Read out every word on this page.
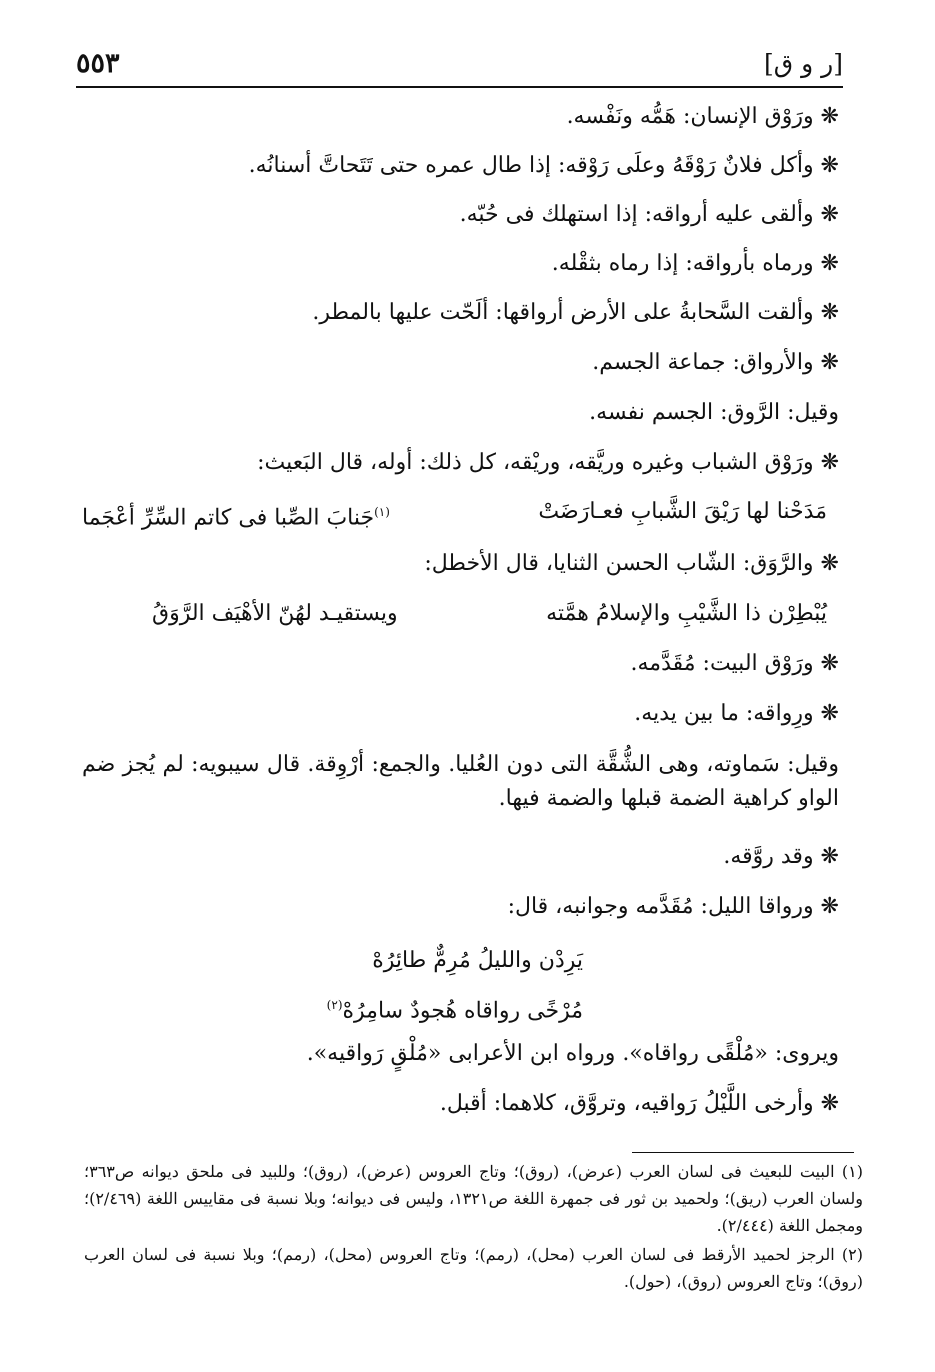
[ر و ق]
٥٥٣
❋ ورَوْق الإنسان: هَمُّه ونَفْسه.
❋ وأكل فلانٌ رَوْقَهُ وعلَى رَوْقه: إذا طال عمره حتى تَتَحاتَّ أسنانُه.
❋ وألقى عليه أرواقه: إذا استهلك فى حُبّه.
❋ ورماه بأرواقه: إذا رماه بثقْله.
❋ وألقت السَّحابةُ على الأرض أرواقها: ألَحّت عليها بالمطر.
❋ والأرواق: جماعة الجسم.
وقيل: الرَّوق: الجسم نفسه.
❋ ورَوْق الشباب وغيره وريَّقه، وريْقه، كل ذلك: أوله، قال البَعيث:
مَدَحْنا لها رَيْقَ الشَّبابِ فعـارَضَتْ
$^{(١)}$جَنابَ الصِّبا فى كاتم السِّرِّ أعْجَما
❋ والرَّوَق: الشّاب الحسن الثنايا، قال الأخطل:
يُبْطِرْن ذا الشَّيْبِ والإسلامُ همَّته
ويستقيـد لهُنّ الأهْيَف الرَّوَقُ
❋ ورَوْق البيت: مُقَدَّمه.
❋ ورِواقه: ما بين يديه.
وقيل: سَماوته، وهى الشُّقَّة التى دون العُليا. والجمع: أرْوِقة. قال سيبويه: لم يُجز ضم الواو كراهية الضمة قبلها والضمة فيها.
❋ وقد روَّقه.
❋ ورواقا الليل: مُقَدَّمه وجوانبه، قال:
يَرِدْن والليلُ مُرِمٌّ طائِرُهْ
مُرْخًى رواقاه هُجودٌ سامِرُهْ$^{(٢)}$
ويروى: «مُلْقًى رواقاه». ورواه ابن الأعرابى «مُلْقٍ رَواقيه».
❋ وأرخى اللَّيْلُ رَواقيه، وتروَّق، كلاهما: أقبل.

(١) البيت للبعيث فى لسان العرب (عرض)، (روق)؛ وتاج العروس (عرض)، (روق)؛ وللبيد فى ملحق ديوانه ص٣٦٣؛ ولسان العرب (ريق)؛ ولحميد بن ثور فى جمهرة اللغة ص١٣٢١، وليس فى ديوانه؛ وبلا نسبة فى مقاييس اللغة (٢/٤٦٩)؛ ومجمل اللغة (٢/٤٤٤).

(٢) الرجز لحميد الأرقط فى لسان العرب (محل)، (رمم)؛ وتاج العروس (محل)، (رمم)؛ وبلا نسبة فى لسان العرب (روق)؛ وتاج العروس (روق)، (حول).
